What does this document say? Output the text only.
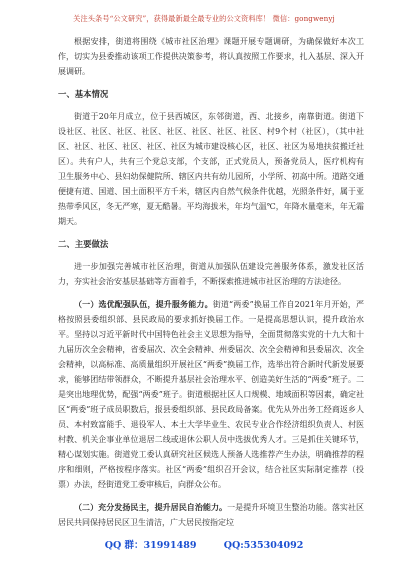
关注头条号“公文研究”，获得最新最全最专业的公文资料库！ 微信：gongwenyj

根据安排，街道将围绕《城市社区治理》课题开展专题调研，为确保做好本次工作，切实为县委推动该项工作提供决策参考，将认真按照工作要求，扎入基层、深入开展调研。

一、基本情况

街道于20年月成立，位于县西城区，东邻街道，西、北接乡，南靠街道。街道下设社区、社区、社区、社区、社区、社区、社区、社区、村9个村（社区），（其中社区、社区、社区、社区、社区、社区为城市建设核心区，社区、社区为易地扶贫搬迁社区）。共有户人，共有三个党总支部，个支部，正式党员人，预备党员人，医疗机构有卫生服务中心、县妇幼保健院所、辖区内共有幼儿园所，小学所、初高中所。道路交通便捷有道、国道、国土面积平方千米，辖区内自然气候条件优越，光照条件好，属于亚热带季风区，冬无严寒，夏无酷暑。平均海拔米，年均气温℃，年降水量毫米，年无霜期天。

二、主要做法

进一步加强完善城市社区治理，街道从加强队伍建设完善服务体系，激发社区活力，夯实社会治安基层基础等方面着手，不断探索推进城市社区治理的方法途径。

（一）选优配强队伍，提升服务能力。街道“两委”换届工作自2021年月开始，严格按照县委组织部、县民政局的要求抓好换届工作。一是提高思想认识，提升政治水平。坚持以习近平新时代中国特色社会主义思想为指导，全面贯彻落实党的十九大和十九届历次全会精神，省委届次、次全会精神、州委届次、次全会精神和县委届次、次全会精神，以高标准、高质量组织开展社区“两委”换届工作，选举出符合新时代新发展要求，能够团结带领群众，不断提升基层社会治理水平、创造美好生活的“两委”班子。二是突出地理优势，配强“两委”班子。街道根据社区人口规模、地域面积等因素，确定社区“两委”班子成员职数后，报县委组织部、县民政局备案。优先从外出务工经商返乡人员、本村致富能手、退役军人、本土大学毕业生、农民专业合作经济组织负责人、村医村教、机关企事业单位退居二线或退休公职人员中选拔优秀人才。三是抓住关键环节，精心谋划实施。街道党工委认真研究社区候选人预备人选推荐产生办法，明确推荐的程序和细则，严格按程序落实。社区“两委”组织召开会议，结合社区实际制定推荐（投票）办法，经街道党工委审核后，向群众公布。

（二）充分发扬民主，提升居民自治能力。一是提升环境卫生整治功能。落实社区居民共同保持居民区卫生清洁，广大居民按指定垃

QQ 群：31991489	QQ:535304092
